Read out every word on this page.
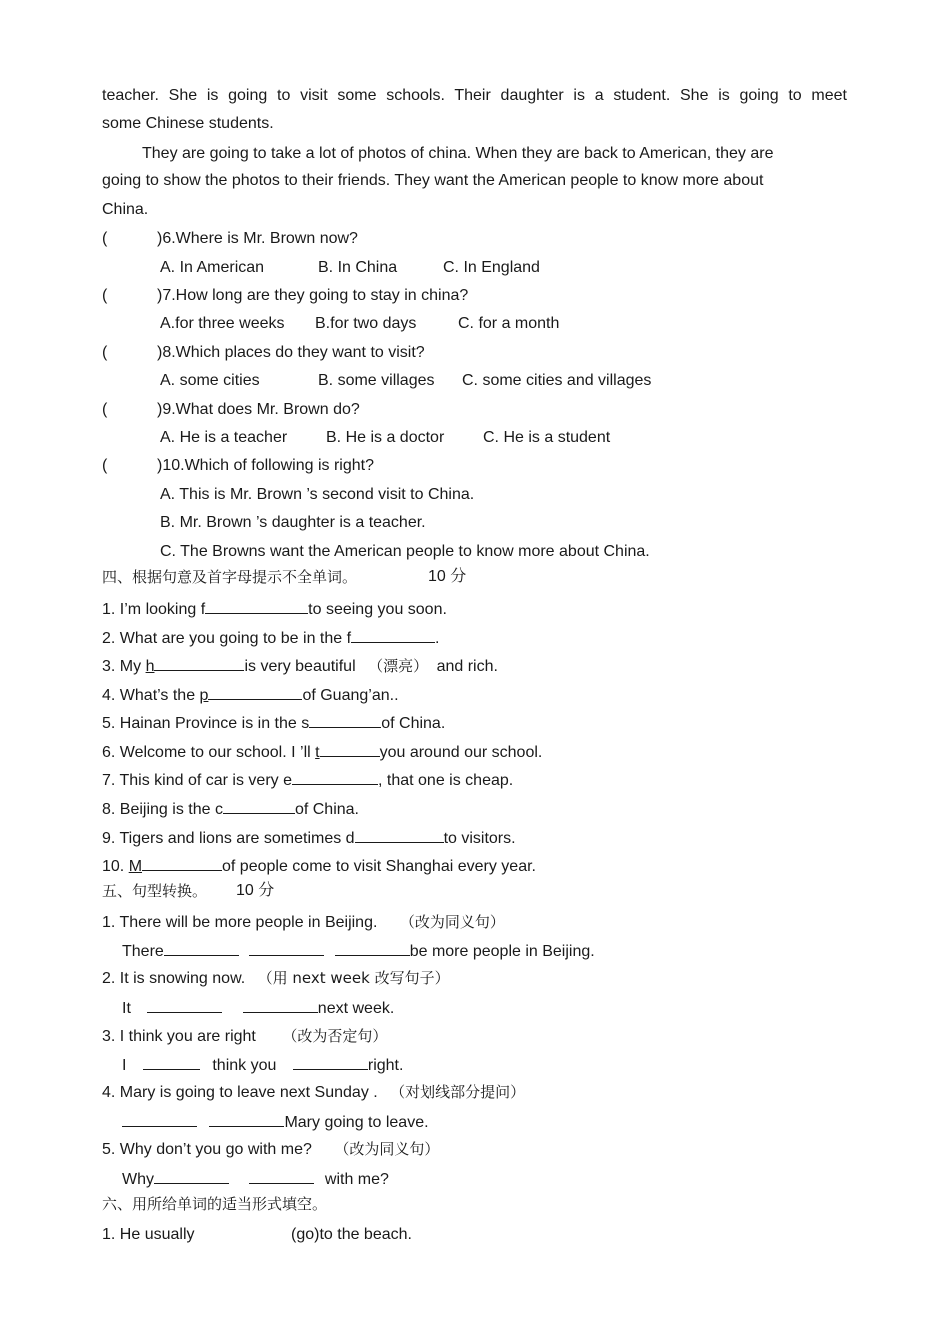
teacher. She is going to visit some schools. Their daughter is a student. She is going to meet
some Chinese students.
They are going to take a lot of photos of china. When they are back to American, they are
going to show the photos to their friends. They want the American people to know more about
China.
(	)6.Where is Mr. Brown now?
A. In American	B. In China	C. In England
(	)7.How long are they going to stay in china?
A.for three weeks B.for two days	C. for a month
(	)8.Which places do they want to visit?
A. some cities	B. some villages C. some cities and villages
(	)9.What does Mr. Brown do?
A. He is a teacher B. He is a doctor C. He is a student
(	)10.Which of following is right?
A. This is Mr. Brown ’s second visit to China.
B. Mr. Brown ’s daughter is a teacher.
C. The Browns want the American people to know more about China.
四、根据句意及首字母提示不全单词。	10 分
1. I’m looking f	to seeing you soon.
2. What are you going to be in the f	.
3. My h	is very beautiful （漂亮） and rich.
4. What’s the p	of Guang’an..
5. Hainan Province is in the s	of China.
6. Welcome to our school. I ’ll t	you around our school.
7. This kind of car is very e	, that one is cheap.
8. Beijing is the c	of China.
9. Tigers and lions are sometimes d	to visitors.
10. M	of people come to visit Shanghai every year.
五、句型转换。 10 分
1. There will be more people in Beijing. （改为同义句）
There	be more people in Beijing.
2. It is snowing now. （用 next week 改写句子）
It	next week.
3. I think you are right （改为否定句）
I	think you	right.
4. Mary is going to leave next Sunday . （对划线部分提问）
Mary going to leave.
5. Why don’t you go with me? （改为同义句）
Why	with me?
六、用所给单词的适当形式填空。
1. He usually	(go)to the beach.
